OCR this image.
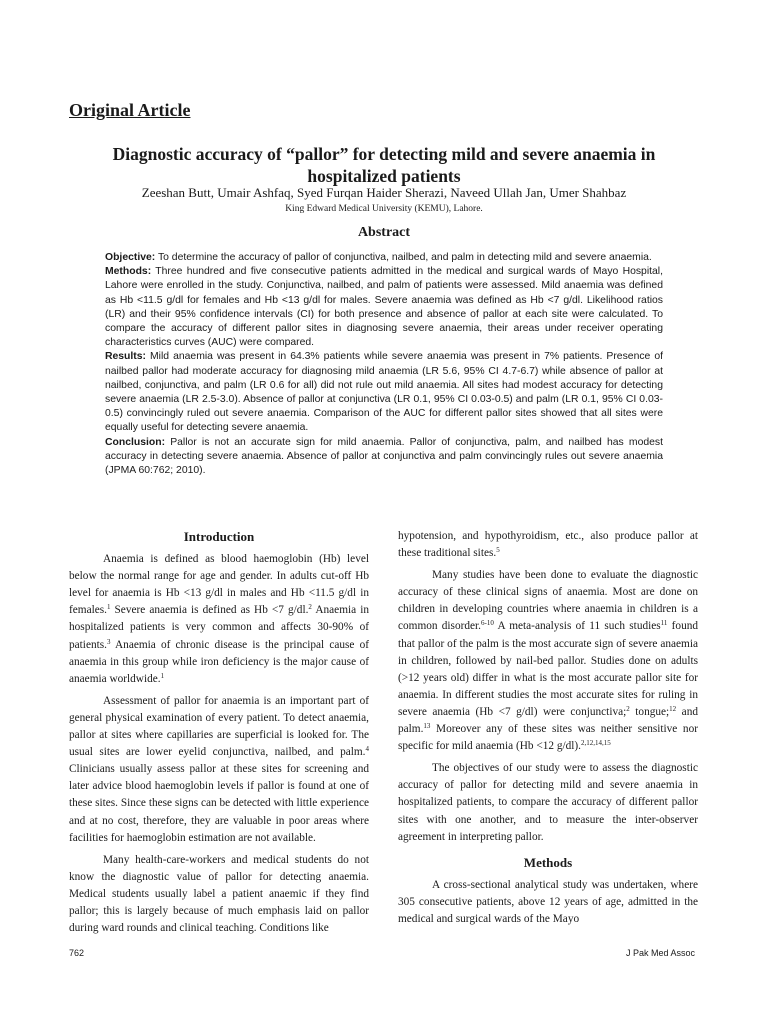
Original Article
Diagnostic accuracy of “pallor” for detecting mild and severe anaemia in hospitalized patients
Zeeshan Butt, Umair Ashfaq, Syed Furqan Haider Sherazi, Naveed Ullah Jan, Umer Shahbaz
King Edward Medical University (KEMU), Lahore.
Abstract

Objective: To determine the accuracy of pallor of conjunctiva, nailbed, and palm in detecting mild and severe anaemia.

Methods: Three hundred and five consecutive patients admitted in the medical and surgical wards of Mayo Hospital, Lahore were enrolled in the study. Conjunctiva, nailbed, and palm of patients were assessed. Mild anaemia was defined as Hb <11.5 g/dl for females and Hb <13 g/dl for males. Severe anaemia was defined as Hb <7 g/dl. Likelihood ratios (LR) and their 95% confidence intervals (CI) for both presence and absence of pallor at each site were calculated. To compare the accuracy of different pallor sites in diagnosing severe anaemia, their areas under receiver operating characteristics curves (AUC) were compared.

Results: Mild anaemia was present in 64.3% patients while severe anaemia was present in 7% patients. Presence of nailbed pallor had moderate accuracy for diagnosing mild anaemia (LR 5.6, 95% CI 4.7-6.7) while absence of pallor at nailbed, conjunctiva, and palm (LR 0.6 for all) did not rule out mild anaemia. All sites had modest accuracy for detecting severe anaemia (LR 2.5-3.0). Absence of pallor at conjunctiva (LR 0.1, 95% CI 0.03-0.5) and palm (LR 0.1, 95% CI 0.03-0.5) convincingly ruled out severe anaemia. Comparison of the AUC for different pallor sites showed that all sites were equally useful for detecting severe anaemia.

Conclusion: Pallor is not an accurate sign for mild anaemia. Pallor of conjunctiva, palm, and nailbed has modest accuracy in detecting severe anaemia. Absence of pallor at conjunctiva and palm convincingly rules out severe anaemia (JPMA 60:762; 2010).

Introduction

Anaemia is defined as blood haemoglobin (Hb) level below the normal range for age and gender. In adults cut-off Hb level for anaemia is Hb <13 g/dl in males and Hb <11.5 g/dl in females.$^1$ Severe anaemia is defined as Hb <7 g/dl.$^2$ Anaemia in hospitalized patients is very common and affects 30-90% of patients.$^3$ Anaemia of chronic disease is the principal cause of anaemia in this group while iron deficiency is the major cause of anaemia worldwide.$^1$

Assessment of pallor for anaemia is an important part of general physical examination of every patient. To detect anaemia, pallor at sites where capillaries are superficial is looked for. The usual sites are lower eyelid conjunctiva, nailbed, and palm.$^4$ Clinicians usually assess pallor at these sites for screening and later advice blood haemoglobin levels if pallor is found at one of these sites. Since these signs can be detected with little experience and at no cost, therefore, they are valuable in poor areas where facilities for haemoglobin estimation are not available.

Many health-care-workers and medical students do not know the diagnostic value of pallor for detecting anaemia. Medical students usually label a patient anaemic if they find pallor; this is largely because of much emphasis laid on pallor during ward rounds and clinical teaching. Conditions like

hypotension, and hypothyroidism, etc., also produce pallor at these traditional sites.$^5$

Many studies have been done to evaluate the diagnostic accuracy of these clinical signs of anaemia. Most are done on children in developing countries where anaemia in children is a common disorder.$^{6-10}$ A meta-analysis of 11 such studies$^{11}$ found that pallor of the palm is the most accurate sign of severe anaemia in children, followed by nail-bed pallor. Studies done on adults (>12 years old) differ in what is the most accurate pallor site for anaemia. In different studies the most accurate sites for ruling in severe anaemia (Hb <7 g/dl) were conjunctiva;$^2$ tongue;$^{12}$ and palm.$^{13}$ Moreover any of these sites was neither sensitive nor specific for mild anaemia (Hb <12 g/dl).$^{2,12,14,15}$

The objectives of our study were to assess the diagnostic accuracy of pallor for detecting mild and severe anaemia in hospitalized patients, to compare the accuracy of different pallor sites with one another, and to measure the inter-observer agreement in interpreting pallor.

Methods

A cross-sectional analytical study was undertaken, where 305 consecutive patients, above 12 years of age, admitted in the medical and surgical wards of the Mayo

762	J Pak Med Assoc
